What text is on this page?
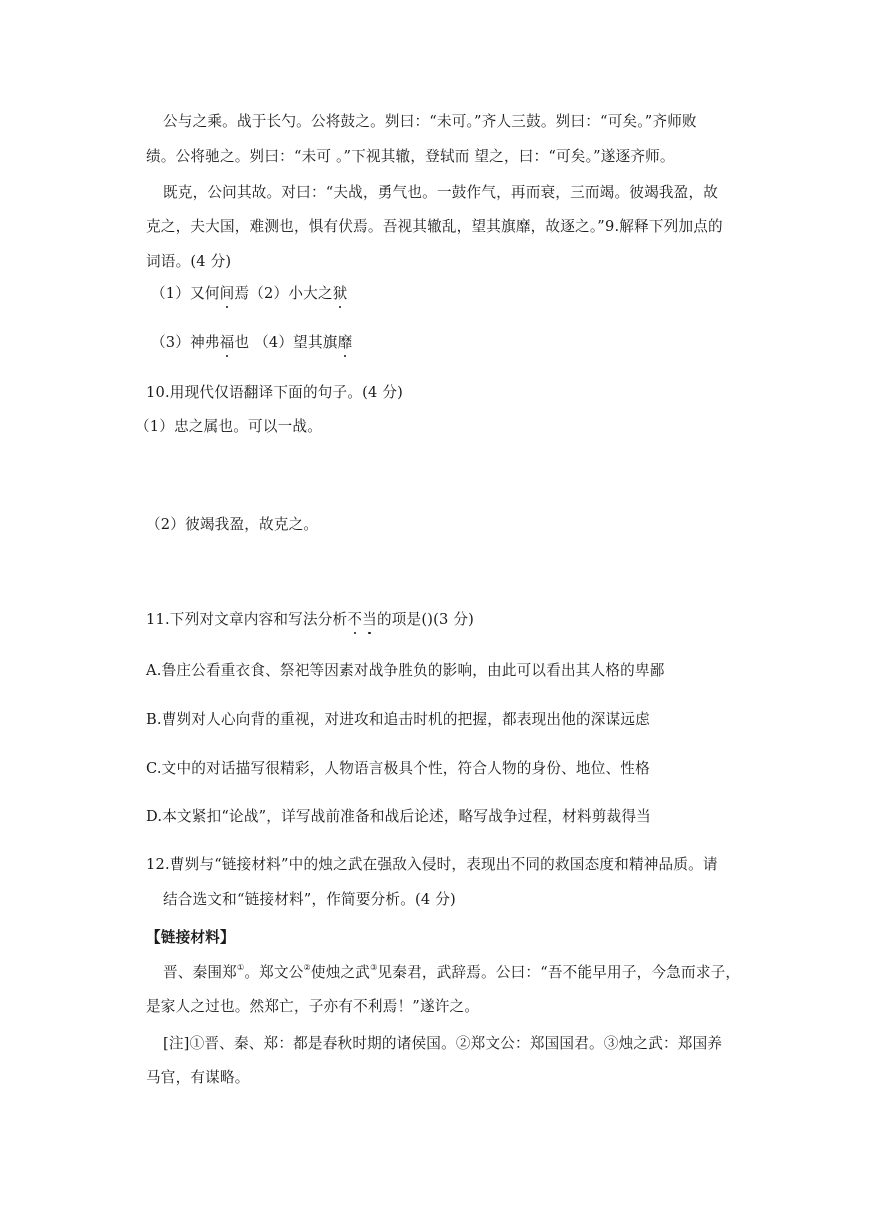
公与之乘。战于长勺。公将鼓之。刿曰：“未可。”齐人三鼓。刿曰：“可矣。”齐师败
绩。公将驰之。刿曰：“未可 。”下视其辙，登轼而 望之，曰：“可矣。”遂逐齐师。
既克，公问其故。对曰：“夫战，勇气也。一鼓作气，再而衰，三而竭。彼竭我盈，故
克之，夫大国，难测也，惧有伏焉。吾视其辙乱，望其旗靡，故逐之。”9.解释下列加点的
词语。(4 分)
（1）又何间焉（2）小大之狱
（3）神弗福也 （4）望其旗靡
10.用现代仅语翻译下面的句子。(4 分)
（1）忠之属也。可以一战。
（2）彼竭我盈，故克之。
11.下列对文章内容和写法分析不当的项是()(3 分)
A.鲁庄公看重衣食、祭祀等因素对战争胜负的影响，由此可以看出其人格的卑鄙
B.曹刿对人心向背的重视，对进攻和追击时机的把握，都表现出他的深谋远虑
C.文中的对话描写很精彩，人物语言极具个性，符合人物的身份、地位、性格
D.本文紧扣“论战”，详写战前准备和战后论述，略写战争过程，材料剪裁得当
12.曹刿与“链接材料”中的烛之武在强敌入侵时，表现出不同的救国态度和精神品质。请
结合选文和“链接材料”，作简要分析。(4 分)
【链接材料】
晋、秦围郑①。郑文公②使烛之武③见秦君，武辞焉。公曰：“吾不能早用子，今急而求子，
是家人之过也。然郑亡，子亦有不利焉！”遂许之。
[注]①晋、秦、郑：都是春秋时期的诸侯国。②郑文公：郑国国君。③烛之武：郑国养
马官，有谋略。
